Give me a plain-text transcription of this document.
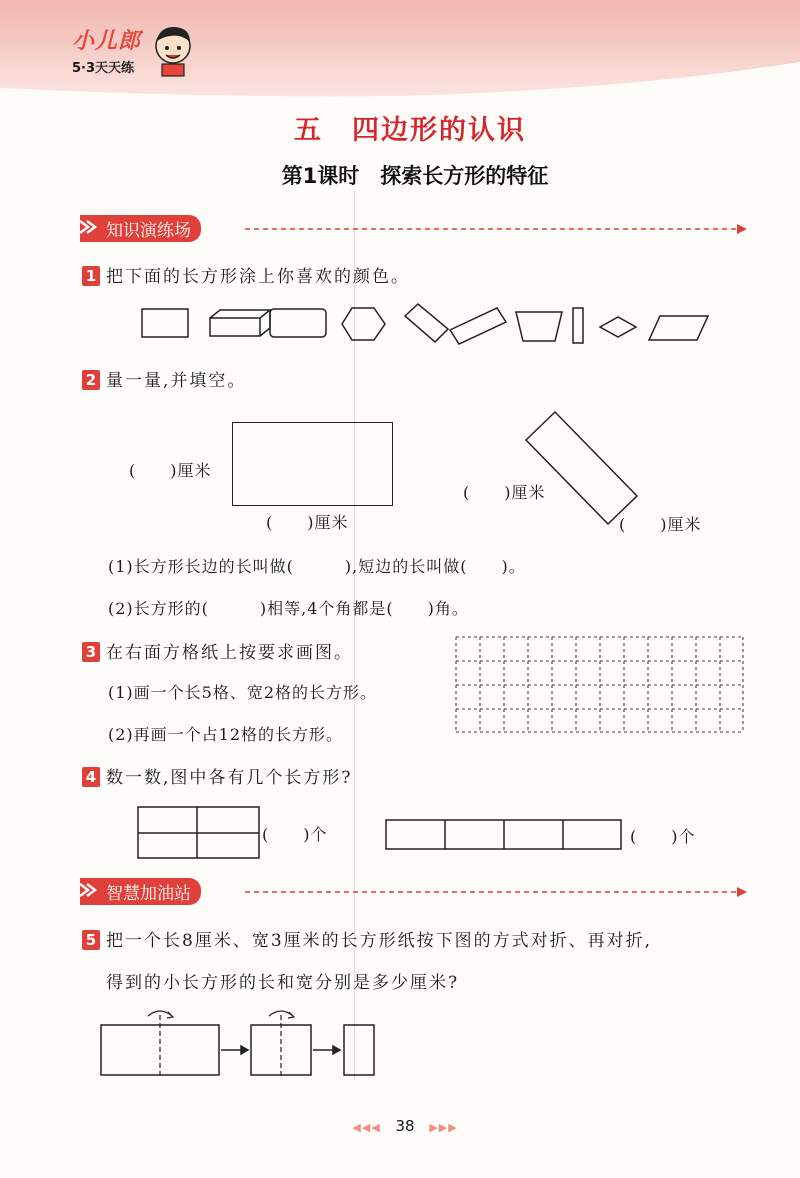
小儿郎
5·3天天练
五　四边形的认识
第1课时　探索长方形的特征
知识演练场
1 把下面的长方形涂上你喜欢的颜色。
2 量一量,并填空。
(　　)厘米
(　　)厘米
(　　)厘米
(　　)厘米
(1)长方形长边的长叫做(　　　),短边的长叫做(　　)。
(2)长方形的(　　　)相等,4个角都是(　　)角。
3 在右面方格纸上按要求画图。
(1)画一个长5格、宽2格的长方形。
(2)再画一个占12格的长方形。
4 数一数,图中各有几个长方形?
(　　)个	(　　)个
智慧加油站
5 把一个长8厘米、宽3厘米的长方形纸按下图的方式对折、再对折,
得到的小长方形的长和宽分别是多少厘米?
◀◀◀ 38 ▶▶▶
